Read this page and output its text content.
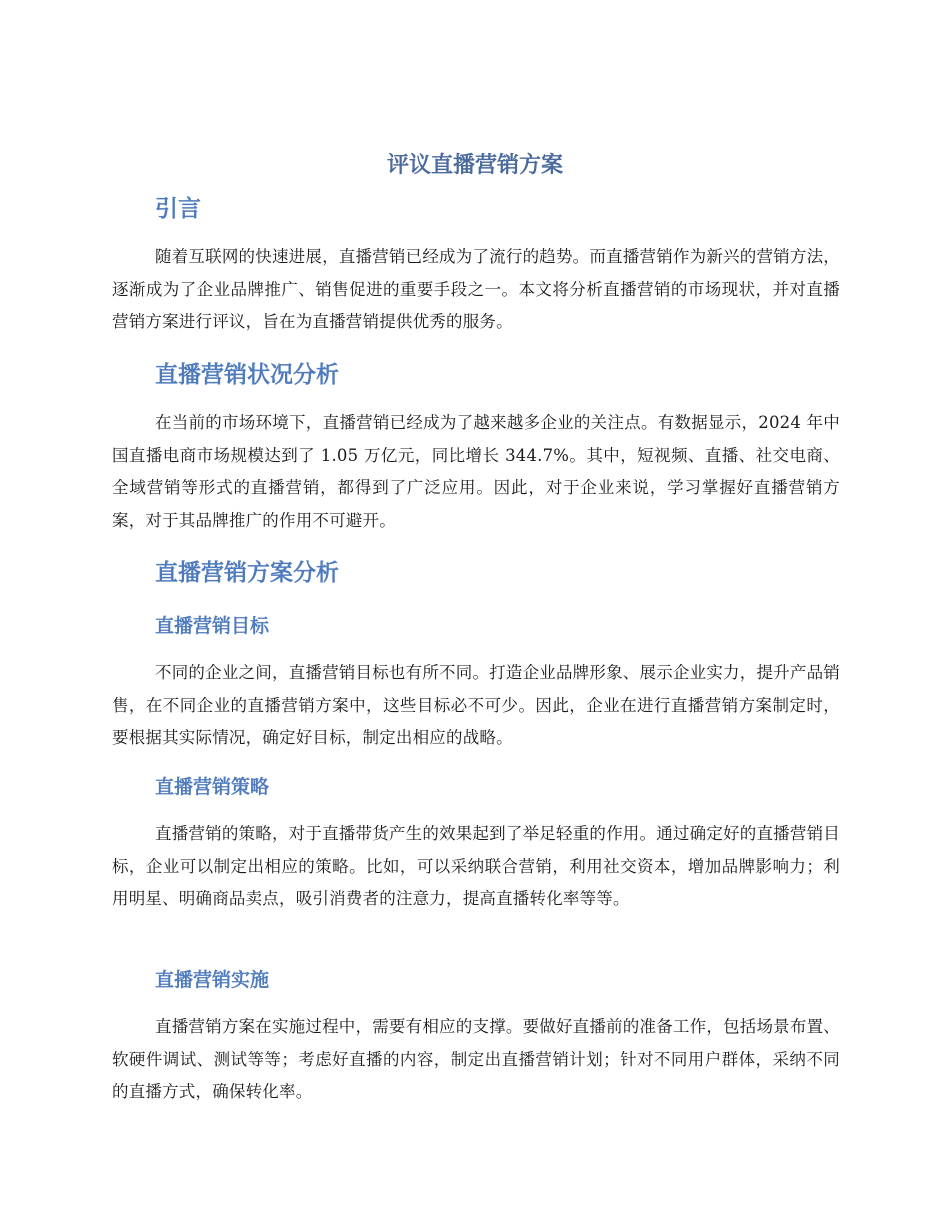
评议直播营销方案
引言

随着互联网的快速进展，直播营销已经成为了流行的趋势。而直播营销作为新兴的营销方法，逐渐成为了企业品牌推广、销售促进的重要手段之一。本文将分析直播营销的市场现状，并对直播营销方案进行评议，旨在为直播营销提供优秀的服务。

直播营销状况分析

在当前的市场环境下，直播营销已经成为了越来越多企业的关注点。有数据显示，2024 年中国直播电商市场规模达到了 1.05 万亿元，同比增长 344.7%。其中，短视频、直播、社交电商、全域营销等形式的直播营销，都得到了广泛应用。因此，对于企业来说，学习掌握好直播营销方案，对于其品牌推广的作用不可避开。

直播营销方案分析
直播营销目标

不同的企业之间，直播营销目标也有所不同。打造企业品牌形象、展示企业实力，提升产品销售，在不同企业的直播营销方案中，这些目标必不可少。因此，企业在进行直播营销方案制定时，要根据其实际情况，确定好目标，制定出相应的战略。

直播营销策略

直播营销的策略，对于直播带货产生的效果起到了举足轻重的作用。通过确定好的直播营销目标，企业可以制定出相应的策略。比如，可以采纳联合营销，利用社交资本，增加品牌影响力；利用明星、明确商品卖点，吸引消费者的注意力，提高直播转化率等等。

直播营销实施

直播营销方案在实施过程中，需要有相应的支撑。要做好直播前的准备工作，包括场景布置、软硬件调试、测试等等；考虑好直播的内容，制定出直播营销计划；针对不同用户群体，采纳不同的直播方式，确保转化率。
